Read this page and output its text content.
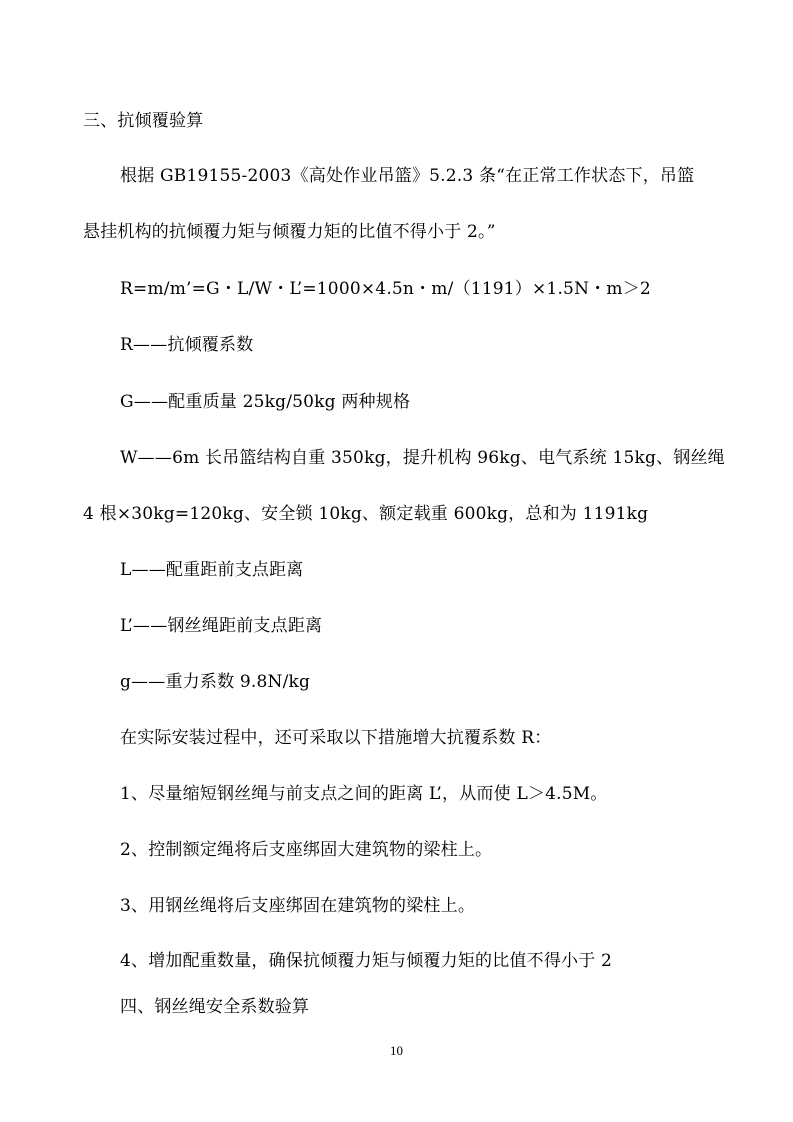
三、抗倾覆验算
根据 GB19155-2003《高处作业吊篮》5.2.3 条“在正常工作状态下，吊篮
悬挂机构的抗倾覆力矩与倾覆力矩的比值不得小于 2。”
R=m/m’=G・L/W・L’=1000×4.5n・m/（1191）×1.5N・m＞2
R——抗倾覆系数
G——配重质量 25kg/50kg 两种规格
W——6m 长吊篮结构自重 350kg，提升机构 96kg、电气系统 15kg、钢丝绳
4 根×30kg=120kg、安全锁 10kg、额定载重 600kg，总和为 1191kg
L——配重距前支点距离
L’——钢丝绳距前支点距离
g——重力系数 9.8N/kg
在实际安装过程中，还可采取以下措施增大抗覆系数 R：
1、尽量缩短钢丝绳与前支点之间的距离 L’，从而使 L＞4.5M。
2、控制额定绳将后支座绑固大建筑物的梁柱上。
3、用钢丝绳将后支座绑固在建筑物的梁柱上。
4、增加配重数量，确保抗倾覆力矩与倾覆力矩的比值不得小于 2
四、钢丝绳安全系数验算
10
